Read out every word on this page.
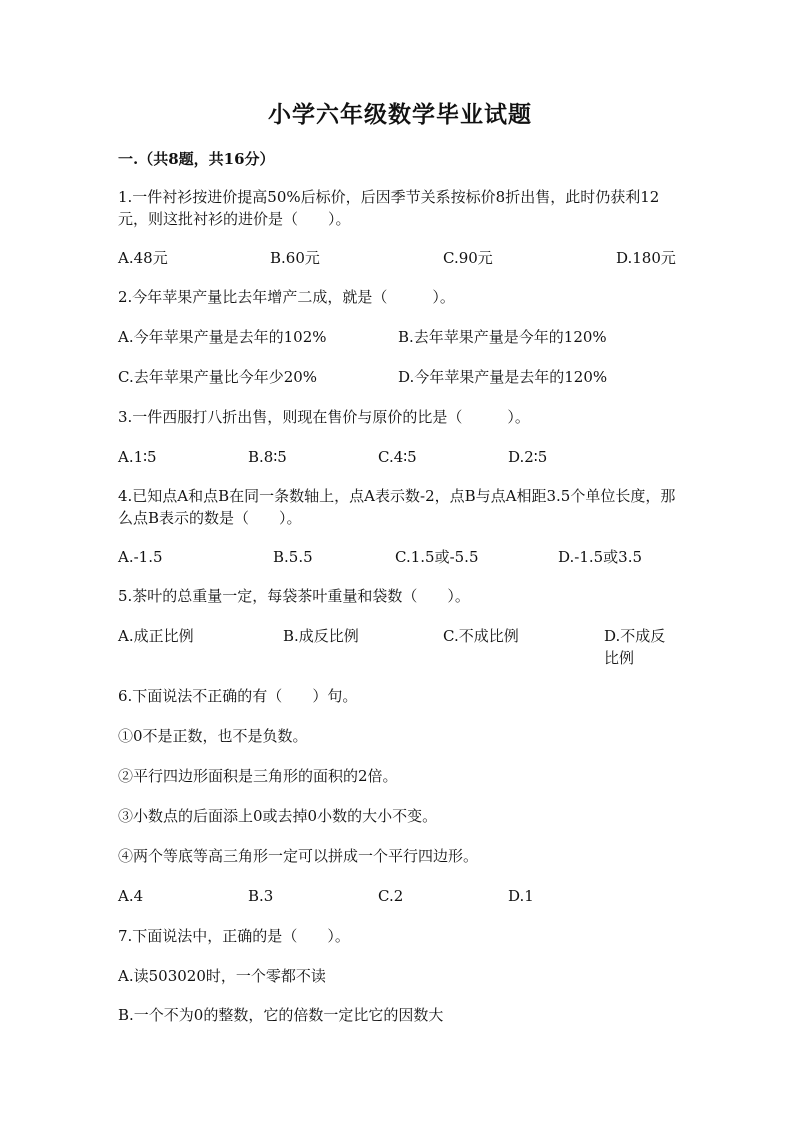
小学六年级数学毕业试题
一.（共8题，共16分）
1.一件衬衫按进价提高50%后标价，后因季节关系按标价8折出售，此时仍获利12元，则这批衬衫的进价是（　　）。
A.48元	B.60元	C.90元	D.180元
2.今年苹果产量比去年增产二成，就是（　　　）。
A.今年苹果产量是去年的102%	B.去年苹果产量是今年的120%
C.去年苹果产量比今年少20%	D.今年苹果产量是去年的120%
3.一件西服打八折出售，则现在售价与原价的比是（　　　）。
A.1∶5	B.8∶5	C.4∶5	D.2∶5
4.已知点A和点B在同一条数轴上，点A表示数-2，点B与点A相距3.5个单位长度，那么点B表示的数是（　　）。
A.-1.5	B.5.5	C.1.5或-5.5	D.-1.5或3.5
5.茶叶的总重量一定，每袋茶叶重量和袋数（　　）。
A.成正比例	B.成反比例	C.不成比例	D.不成反比例
6.下面说法不正确的有（　　）句。
①0不是正数，也不是负数。
②平行四边形面积是三角形的面积的2倍。
③小数点的后面添上0或去掉0小数的大小不变。
④两个等底等高三角形一定可以拼成一个平行四边形。
A.4	B.3	C.2	D.1
7.下面说法中，正确的是（　　）。
A.读503020时，一个零都不读
B.一个不为0的整数，它的倍数一定比它的因数大
